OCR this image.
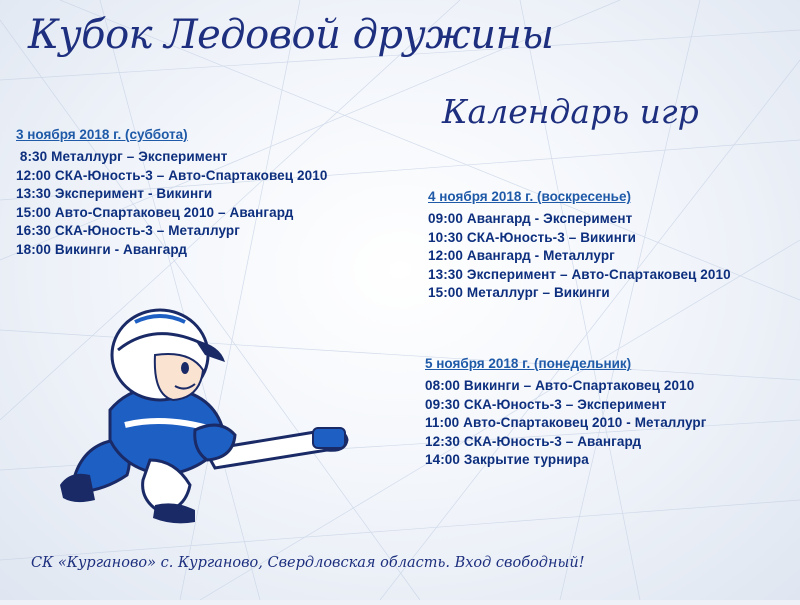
Кубок Ледовой дружины
Календарь игр
3 ноября 2018 г. (суббота)
8:30 Металлург – Эксперимент
12:00 СКА-Юность-3 – Авто-Спартаковец 2010
13:30 Эксперимент - Викинги
15:00 Авто-Спартаковец 2010 – Авангард
16:30 СКА-Юность-3 – Металлург
18:00 Викинги - Авангард
4 ноября 2018 г. (воскресенье)
09:00 Авангард - Эксперимент
10:30 СКА-Юность-3 – Викинги
12:00 Авангард - Металлург
13:30 Эксперимент – Авто-Спартаковец 2010
15:00 Металлург – Викинги
5 ноября 2018 г. (понедельник)
08:00 Викинги – Авто-Спартаковец 2010
09:30 СКА-Юность-3 – Эксперимент
11:00 Авто-Спартаковец 2010 - Металлург
12:30 СКА-Юность-3 – Авангард
14:00 Закрытие турнира
СК «Курганово» с. Курганово, Свердловская область. Вход свободный!
